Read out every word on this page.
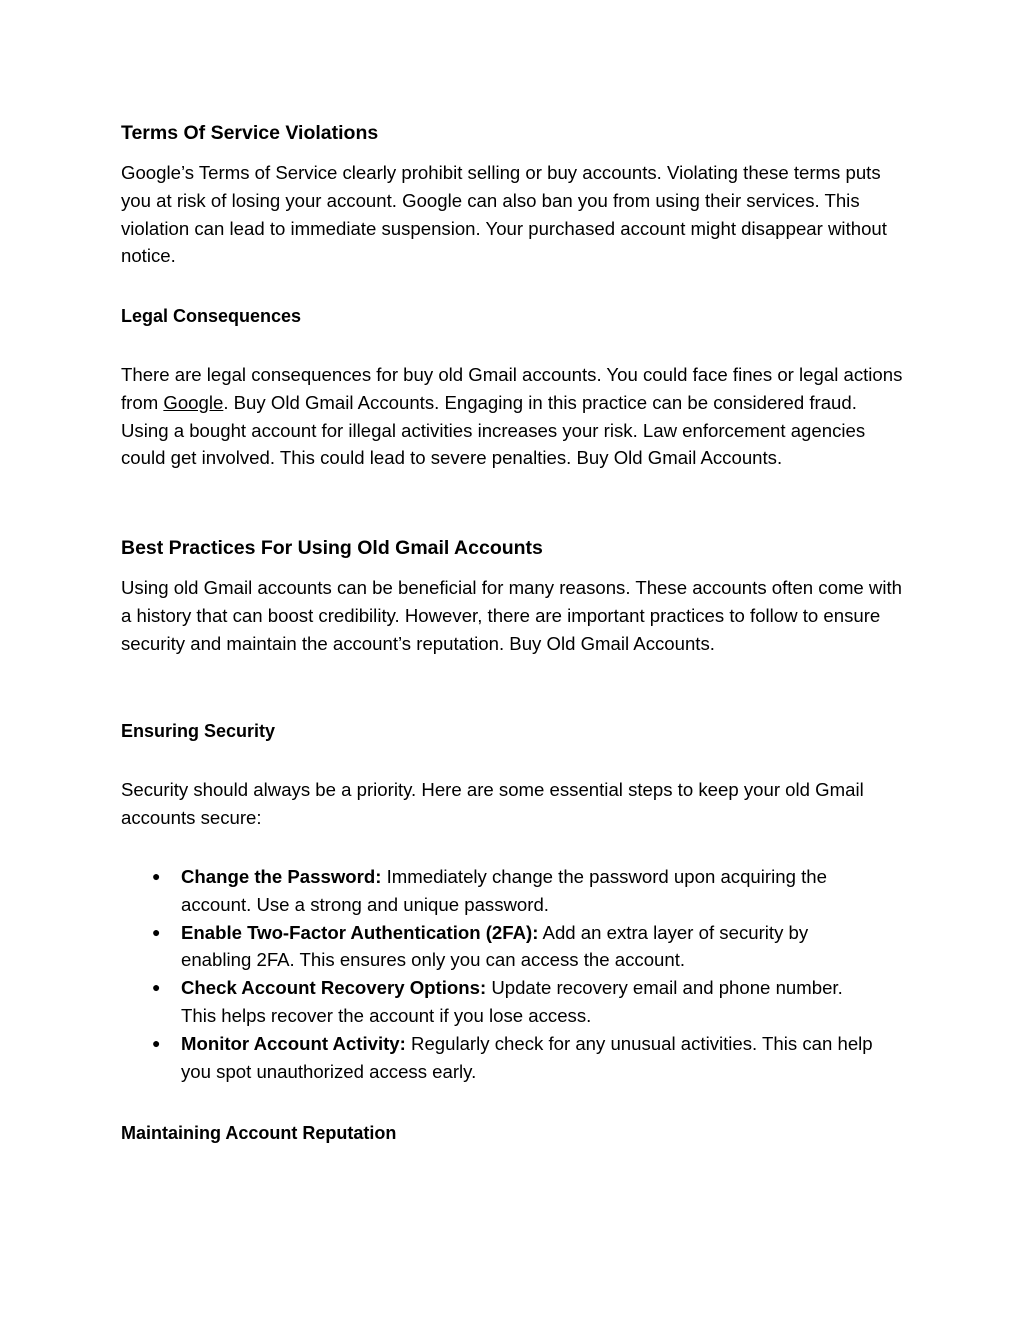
Terms Of Service Violations

Google’s Terms of Service clearly prohibit selling or buy accounts. Violating these terms puts you at risk of losing your account. Google can also ban you from using their services. This violation can lead to immediate suspension. Your purchased account might disappear without notice.

Legal Consequences

There are legal consequences for buy old Gmail accounts. You could face fines or legal actions from Google. Buy Old Gmail Accounts. Engaging in this practice can be considered fraud. Using a bought account for illegal activities increases your risk. Law enforcement agencies could get involved. This could lead to severe penalties. Buy Old Gmail Accounts.

Best Practices For Using Old Gmail Accounts

Using old Gmail accounts can be beneficial for many reasons. These accounts often come with a history that can boost credibility. However, there are important practices to follow to ensure security and maintain the account’s reputation. Buy Old Gmail Accounts.

Ensuring Security

Security should always be a priority. Here are some essential steps to keep your old Gmail accounts secure:

● Change the Password: Immediately change the password upon acquiring the account. Use a strong and unique password.
● Enable Two-Factor Authentication (2FA): Add an extra layer of security by enabling 2FA. This ensures only you can access the account.
● Check Account Recovery Options: Update recovery email and phone number. This helps recover the account if you lose access.
● Monitor Account Activity: Regularly check for any unusual activities. This can help you spot unauthorized access early.
Maintaining Account Reputation
